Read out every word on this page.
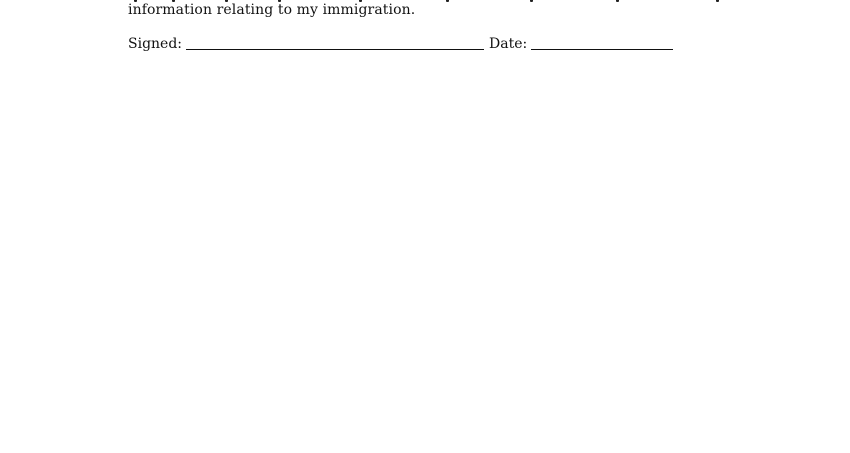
information relating to my immigration.
Signed:	Date:
